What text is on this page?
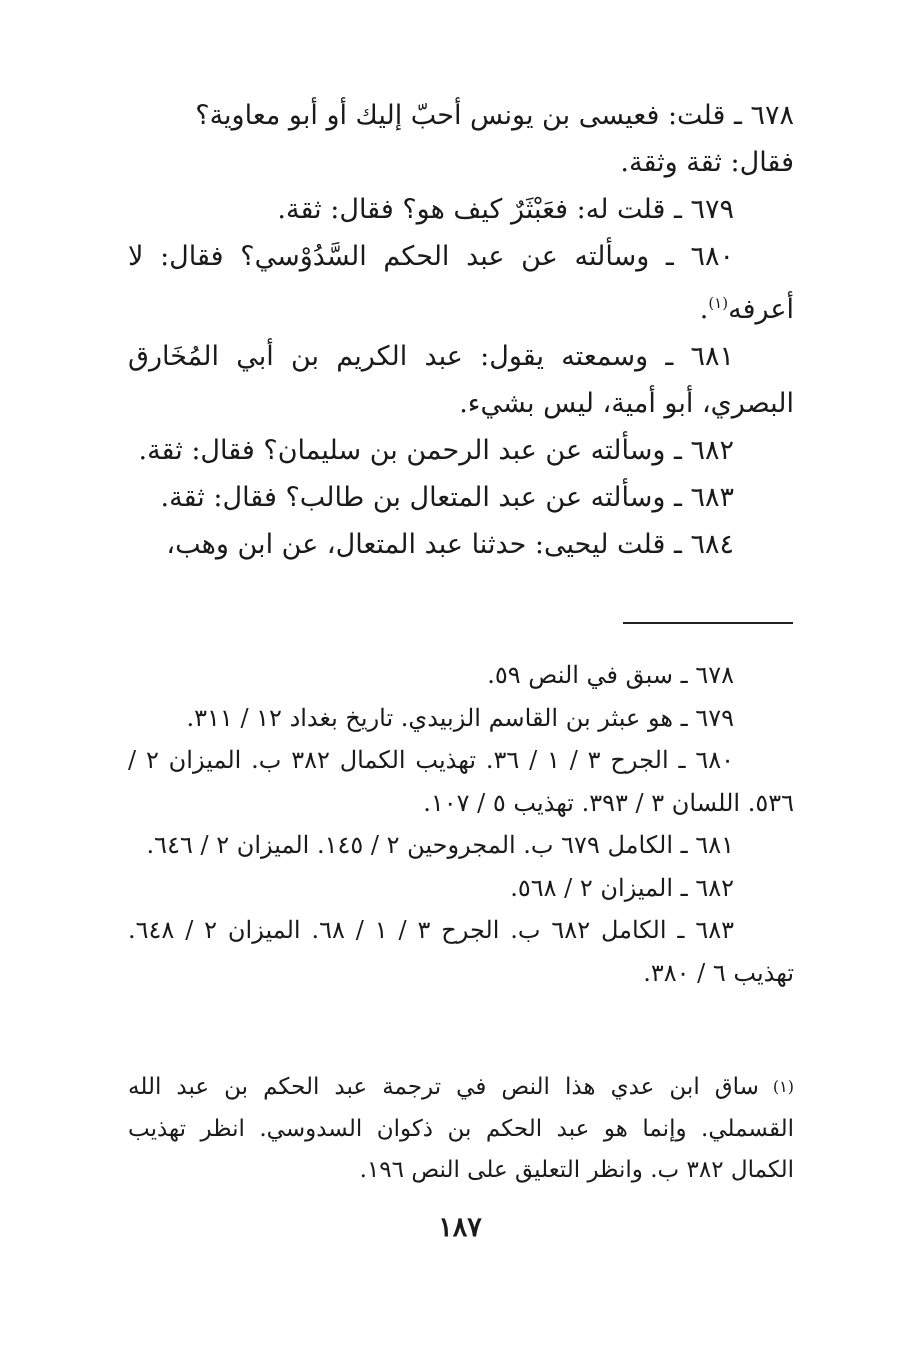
٦٧٨ ـ قلت: فعيسى بن يونس أحبّ إليك أو أبو معاوية؟

فقال: ثقة وثقة.

٦٧٩ ـ قلت له: فعَبْثَرٌ كيف هو؟ فقال: ثقة.

٦٨٠ ـ وسألته عن عبد الحكم السَّدُوْسي؟ فقال: لا أعرفه$^{(١)}$.

٦٨١ ـ وسمعته يقول: عبد الكريم بن أبي المُخَارق البصري، أبو أمية، ليس بشيء.

٦٨٢ ـ وسألته عن عبد الرحمن بن سليمان؟ فقال: ثقة.

٦٨٣ ـ وسألته عن عبد المتعال بن طالب؟ فقال: ثقة.

٦٨٤ ـ قلت ليحيى: حدثنا عبد المتعال، عن ابن وهب،

٦٧٨ ـ سبق في النص ٥٩.

٦٧٩ ـ هو عبثر بن القاسم الزبيدي. تاريخ بغداد ١٢ / ٣١١.

٦٨٠ ـ الجرح ٣ / ١ / ٣٦. تهذيب الكمال ٣٨٢ ب. الميزان ٢ / ٥٣٦. اللسان ٣ / ٣٩٣. تهذيب ٥ / ١٠٧.

٦٨١ ـ الكامل ٦٧٩ ب. المجروحين ٢ / ١٤٥. الميزان ٢ / ٦٤٦.

٦٨٢ ـ الميزان ٢ / ٥٦٨.

٦٨٣ ـ الكامل ٦٨٢ ب. الجرح ٣ / ١ / ٦٨. الميزان ٢ / ٦٤٨. تهذيب ٦ / ٣٨٠.

(١)ساق ابن عدي هذا النص في ترجمة عبد الحكم بن عبد الله القسملي. وإنما هو عبد الحكم بن ذكوان السدوسي. انظر تهذيب الكمال ٣٨٢ ب. وانظر التعليق على النص ١٩٦.

١٨٧
